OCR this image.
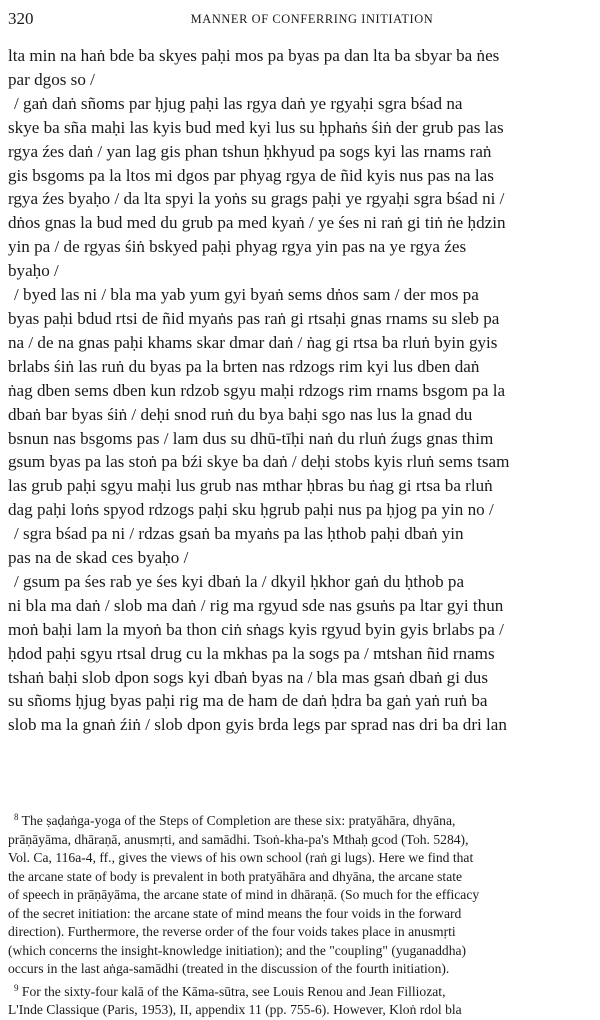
320	MANNER OF CONFERRING INITIATION
lta min na haṅ bde ba skyes paḥi mos pa byas pa dan lta ba sbyar ba ṅes
par dgos so /
/ gaṅ daṅ sñoms par ḥjug paḥi las rgya daṅ ye rgyaḥi sgra bśad na
skye ba sña maḥi las kyis bud med kyi lus su ḥphaṅs śiṅ der grub pas las
rgya źes daṅ / yan lag gis phan tshun ḥkhyud pa sogs kyi las rnams raṅ
gis bsgoms pa la ltos mi dgos par phyag rgya de ñid kyis nus pas na las
rgya źes byaḥo / da lta spyi la yoṅs su grags paḥi ye rgyaḥi sgra bśad ni /
dṅos gnas la bud med du grub pa med kyaṅ / ye śes ni raṅ gi tiṅ ṅe ḥdzin
yin pa / de rgyas śiṅ bskyed paḥi phyag rgya yin pas na ye rgya źes
byaḥo /
/ byed las ni / bla ma yab yum gyi byaṅ sems dṅos sam / der mos pa
byas paḥi bdud rtsi de ñid myaṅs pas raṅ gi rtsaḥi gnas rnams su sleb pa
na / de na gnas paḥi khams skar dmar daṅ / ṅag gi rtsa ba rluṅ byin gyis
brlabs śiṅ las ruṅ du byas pa la brten nas rdzogs rim kyi lus dben daṅ
ṅag dben sems dben kun rdzob sgyu maḥi rdzogs rim rnams bsgom pa la
dbaṅ bar byas śiṅ / deḥi snod ruṅ du bya baḥi sgo nas lus la gnad du
bsnun nas bsgoms pas / lam dus su dhū-tīḥi naṅ du rluṅ źugs gnas thim
gsum byas pa las stoṅ pa bźi skye ba daṅ / deḥi stobs kyis rluṅ sems tsam
las grub paḥi sgyu maḥi lus grub nas mthar ḥbras bu ṅag gi rtsa ba rluṅ
dag paḥi loṅs spyod rdzogs paḥi sku ḥgrub paḥi nus pa ḥjog pa yin no /
/ sgra bśad pa ni / rdzas gsaṅ ba myaṅs pa las ḥthob paḥi dbaṅ yin
pas na de skad ces byaḥo /
/ gsum pa śes rab ye śes kyi dbaṅ la / dkyil ḥkhor gaṅ du ḥthob pa
ni bla ma daṅ / slob ma daṅ / rig ma rgyud sde nas gsuṅs pa ltar gyi thun
moṅ baḥi lam la myoṅ ba thon ciṅ sṅags kyis rgyud byin gyis brlabs pa /
ḥdod paḥi sgyu rtsal drug cu la mkhas pa la sogs pa / mtshan ñid rnams
tshaṅ baḥi slob dpon sogs kyi dbaṅ byas na / bla mas gsaṅ dbaṅ gi dus
su sñoms ḥjug byas paḥi rig ma de ham de daṅ ḥdra ba gaṅ yaṅ ruṅ ba
slob ma la gnaṅ źiṅ / slob dpon gyis brda legs par sprad nas dri ba dri lan
$^8$ The ṣaḍaṅga-yoga of the Steps of Completion are these six: pratyāhāra, dhyāna,
prāṇāyāma, dhāraṇā, anusmṛti, and samādhi. Tsoṅ-kha-pa's Mthaḥ gcod (Toh. 5284),
Vol. Ca, 116a-4, ff., gives the views of his own school (raṅ gi lugs). Here we find that
the arcane state of body is prevalent in both pratyāhāra and dhyāna, the arcane state
of speech in prāṇāyāma, the arcane state of mind in dhāraṇā. (So much for the efficacy
of the secret initiation: the arcane state of mind means the four voids in the forward
direction). Furthermore, the reverse order of the four voids takes place in anusmṛti
(which concerns the insight-knowledge initiation); and the "coupling" (yuganaddha)
occurs in the last aṅga-samādhi (treated in the discussion of the fourth initiation).
$^9$ For the sixty-four kalā of the Kāma-sūtra, see Louis Renou and Jean Filliozat,
L'Inde Classique (Paris, 1953), II, appendix 11 (pp. 755-6). However, Kloṅ rdol bla
